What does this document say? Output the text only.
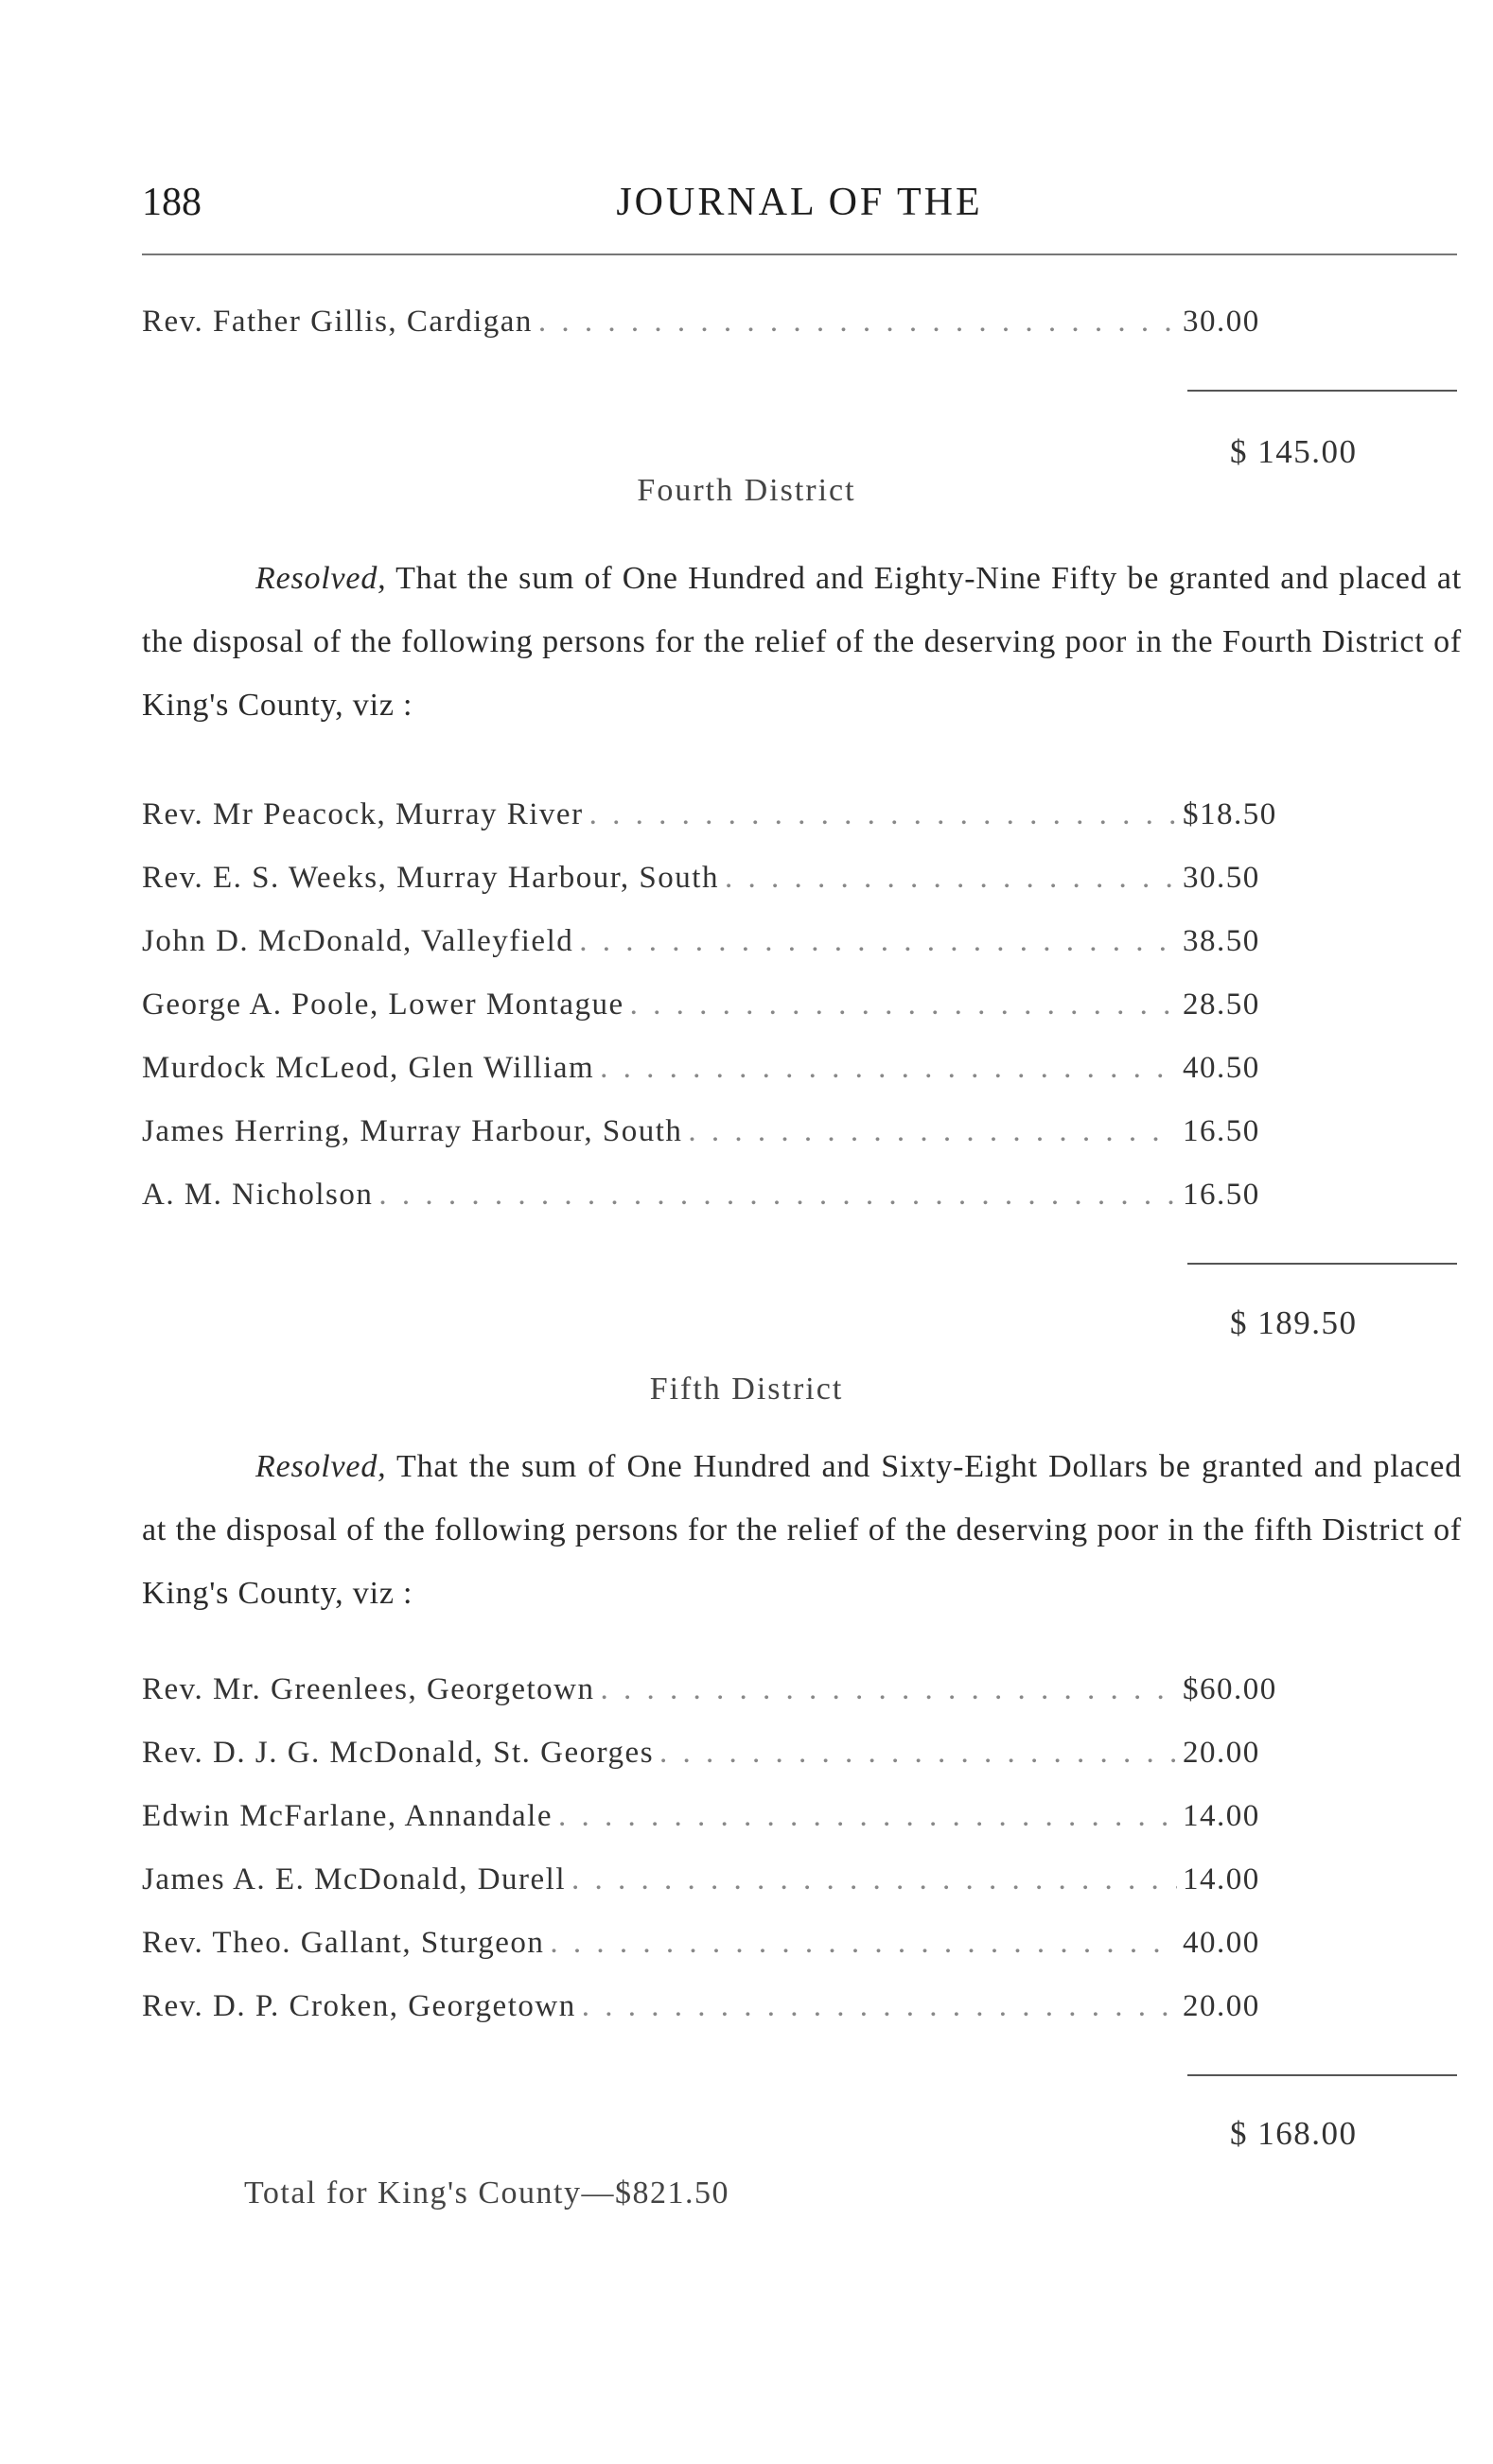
188	JOURNAL OF THE
Rev. Father Gillis, Cardigan . . .	30.00
$ 145.00
Fourth District
Resolved, That the sum of One Hundred and Eighty-Nine Fifty be granted and placed at the disposal of the following persons for the relief of the deserving poor in the Fourth District of King's County, viz :
Rev. Mr Peacock, Murray River . . .	$18.50
Rev. E. S. Weeks, Murray Harbour, South . . .	30.50
John D. McDonald, Valleyfield . . .	38.50
George A. Poole, Lower Montague . . .	28.50
Murdock McLeod, Glen William . . .	40.50
James Herring, Murray Harbour, South . . .	16.50
A. M. Nicholson . . .	16.50
$ 189.50
Fifth District
Resolved, That the sum of One Hundred and Sixty-Eight Dollars be granted and placed at the disposal of the following persons for the relief of the deserving poor in the fifth District of King's County, viz :
Rev. Mr. Greenlees, Georgetown . . .	$60.00
Rev. D. J. G. McDonald, St. Georges . . .	20.00
Edwin McFarlane, Annandale . . .	14.00
James A. E. McDonald, Durell . . .	14.00
Rev. Theo. Gallant, Sturgeon . . .	40.00
Rev. D. P. Croken, Georgetown . . .	20.00
$ 168.00
Total for King's County—$821.50
